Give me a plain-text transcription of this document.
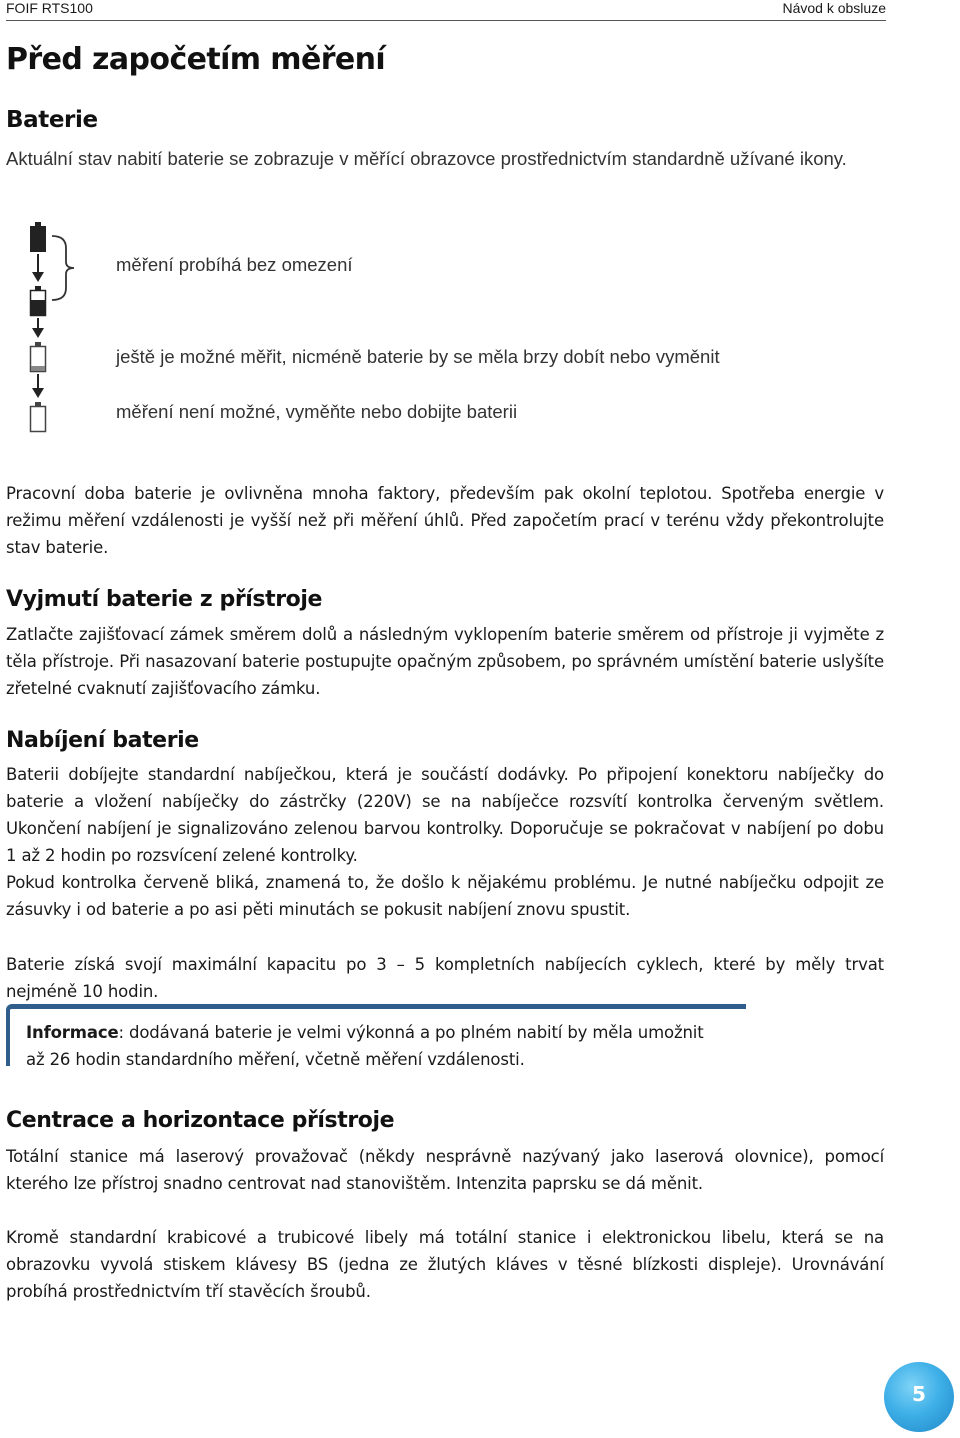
FOIF RTS100	Návod k obsluze
Před započetím měření
Baterie

Aktuální stav nabití baterie se zobrazuje v měřící obrazovce prostřednictvím standardně užívané ikony.

měření probíhá bez omezení
ještě je možné měřit, nicméně baterie by se měla brzy dobít nebo vyměnit
měření není možné, vyměňte nebo dobijte baterii

Pracovní doba baterie je ovlivněna mnoha faktory, především pak okolní teplotou. Spotřeba energie v režimu měření vzdálenosti je vyšší než při měření úhlů. Před započetím prací v terénu vždy překontrolujte stav baterie.

Vyjmutí baterie z přístroje

Zatlačte zajišťovací zámek směrem dolů a následným vyklopením baterie směrem od přístroje ji vyjměte z těla přístroje. Při nasazovaní baterie postupujte opačným způsobem, po správném umístění baterie uslyšíte zřetelné cvaknutí zajišťovacího zámku.

Nabíjení baterie

Baterii dobíjejte standardní nabíječkou, která je součástí dodávky. Po připojení konektoru nabíječky do baterie a vložení nabíječky do zástrčky (220V) se na nabíječce rozsvítí kontrolka červeným světlem. Ukončení nabíjení je signalizováno zelenou barvou kontrolky. Doporučuje se pokračovat v nabíjení po dobu 1 až 2 hodin po rozsvícení zelené kontrolky.

Pokud kontrolka červeně bliká, znamená to, že došlo k nějakému problému. Je nutné nabíječku odpojit ze zásuvky i od baterie a po asi pěti minutách se pokusit nabíjení znovu spustit.

Baterie získá svojí maximální kapacitu po 3 – 5 kompletních nabíjecích cyklech, které by měly trvat nejméně 10 hodin.

Informace: dodávaná baterie je velmi výkonná a po plném nabití by měla umožnit
až 26 hodin standardního měření, včetně měření vzdálenosti.
Centrace a horizontace přístroje

Totální stanice má laserový provažovač (někdy nesprávně nazývaný jako laserová olovnice), pomocí kterého lze přístroj snadno centrovat nad stanovištěm. Intenzita paprsku se dá měnit.

Kromě standardní krabicové a trubicové libely má totální stanice i elektronickou libelu, která se na obrazovku vyvolá stiskem klávesy BS (jedna ze žlutých kláves v těsné blízkosti displeje). Urovnávání probíhá prostřednictvím tří stavěcích šroubů.

5
